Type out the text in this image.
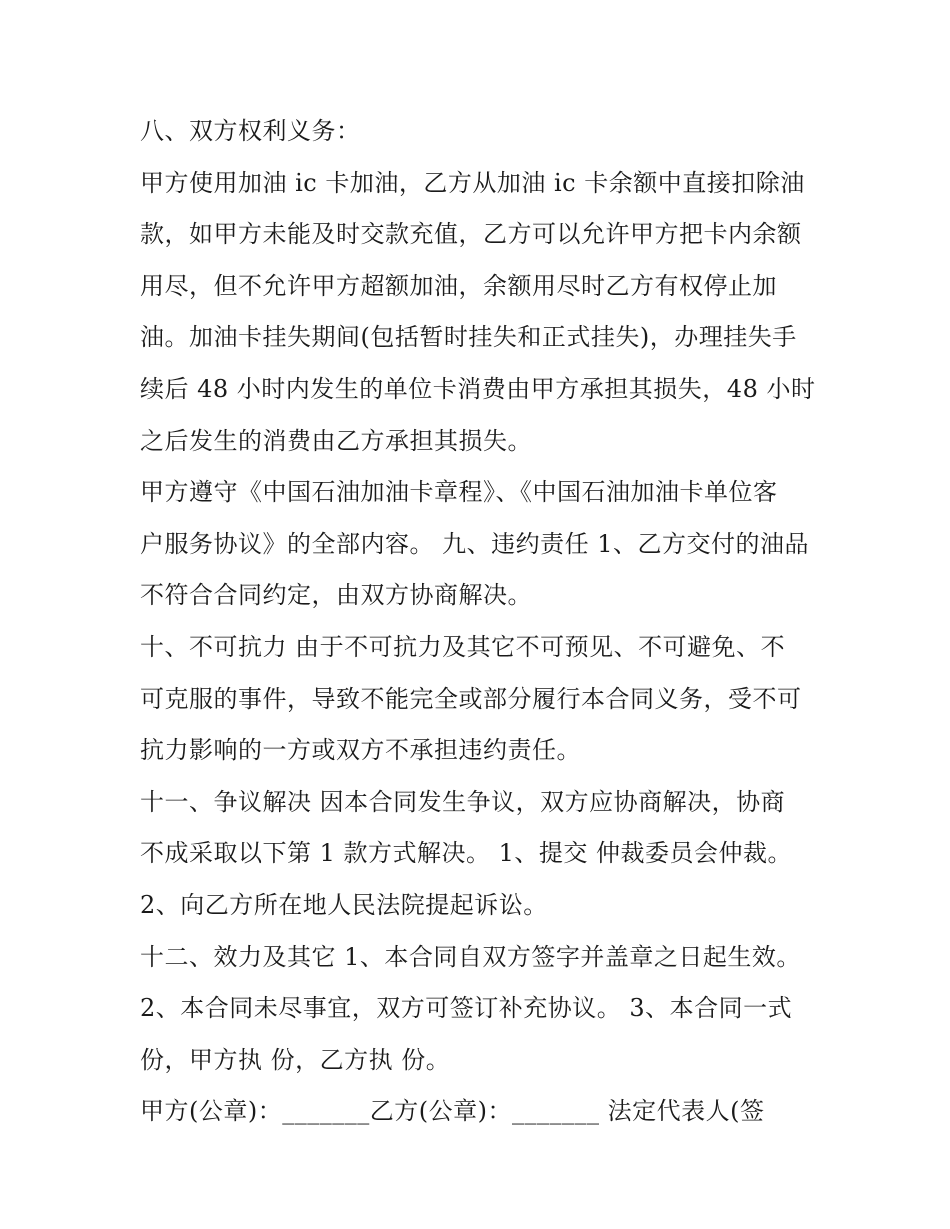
八、双方权利义务：
甲方使用加油 ic 卡加油，乙方从加油 ic 卡余额中直接扣除油
款，如甲方未能及时交款充值，乙方可以允许甲方把卡内余额
用尽，但不允许甲方超额加油，余额用尽时乙方有权停止加
油。加油卡挂失期间(包括暂时挂失和正式挂失)，办理挂失手
续后 48 小时内发生的单位卡消费由甲方承担其损失，48 小时
之后发生的消费由乙方承担其损失。
甲方遵守《中国石油加油卡章程》、《中国石油加油卡单位客
户服务协议》的全部内容。 九、违约责任 1、乙方交付的油品
不符合合同约定，由双方协商解决。
十、不可抗力 由于不可抗力及其它不可预见、不可避免、不
可克服的事件，导致不能完全或部分履行本合同义务，受不可
抗力影响的一方或双方不承担违约责任。
十一、争议解决 因本合同发生争议，双方应协商解决，协商
不成采取以下第 1 款方式解决。 1、提交 仲裁委员会仲裁。
2、向乙方所在地人民法院提起诉讼。
十二、效力及其它 1、本合同自双方签字并盖章之日起生效。
2、本合同未尽事宜，双方可签订补充协议。 3、本合同一式
份，甲方执 份，乙方执 份。
甲方(公章)：_______乙方(公章)：_______ 法定代表人(签
